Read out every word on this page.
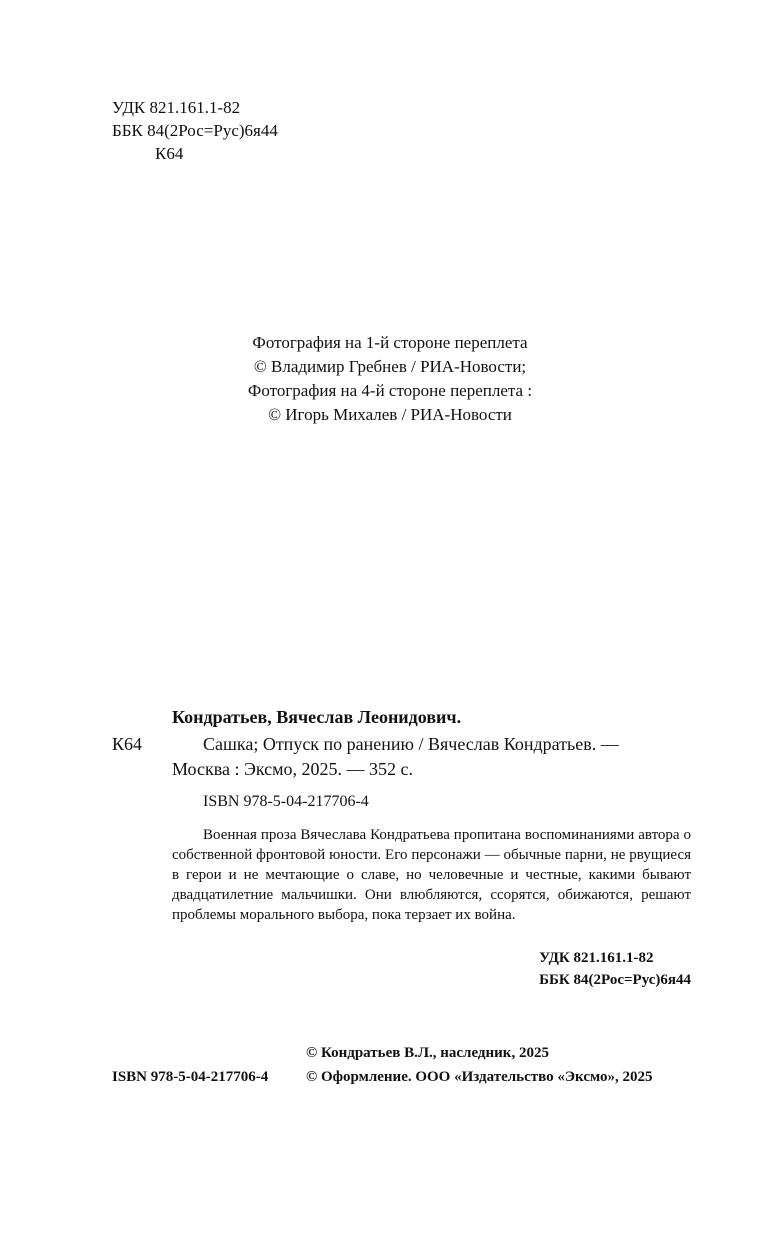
УДК 821.161.1-82
ББК 84(2Рос=Рус)6я44
К64
Фотография на 1-й стороне переплета
© Владимир Гребнев / РИА-Новости;
Фотография на 4-й стороне переплета :
© Игорь Михалев / РИА-Новости
Кондратьев, Вячеслав Леонидович.
К64	Сашка; Отпуск по ранению / Вячеслав Кондратьев. —

Москва : Эксмо, 2025. — 352 с.

ISBN 978-5-04-217706-4

Военная проза Вячеслава Кондратьева пропитана воспоминаниями автора о собственной фронтовой юности. Его персонажи — обычные парни, не рвущиеся в герои и не мечтающие о славе, но человечные и честные, какими бывают двадцатилетние мальчишки. Они влюбляются, ссорятся, обижаются, решают проблемы морального выбора, пока терзает их война.

УДК 821.161.1-82
ББК 84(2Рос=Рус)6я44
© Кондратьев В.Л., наследник, 2025
© Оформление. ООО «Издательство «Эксмо», 2025
ISBN 978-5-04-217706-4
